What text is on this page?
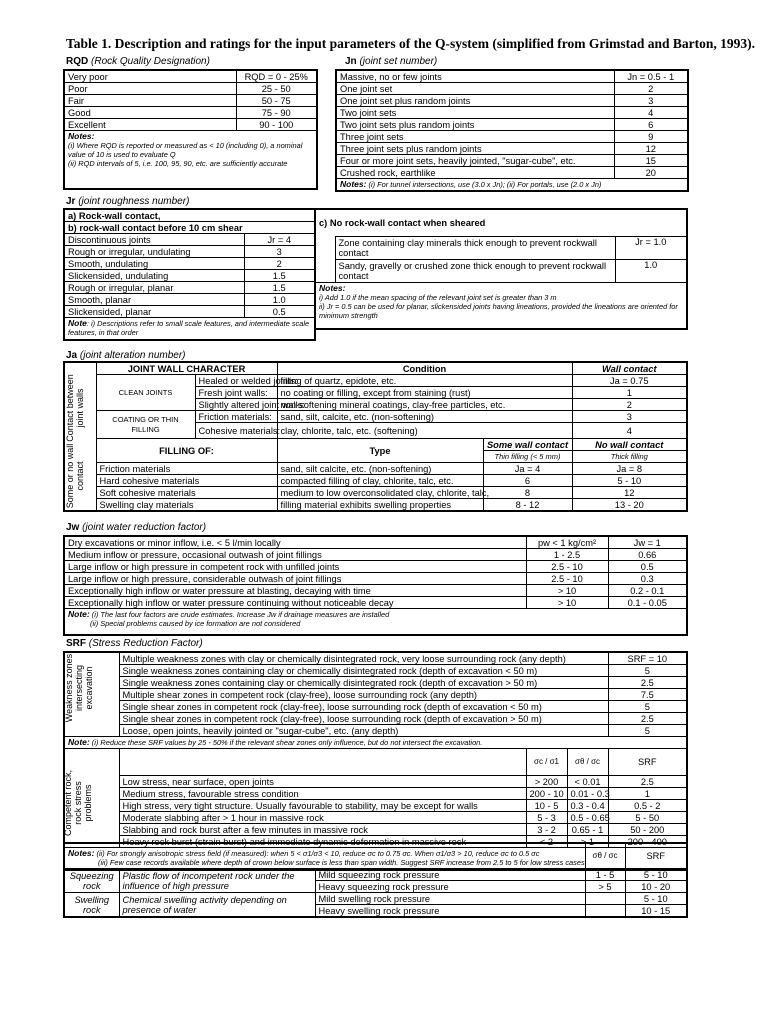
Table 1. Description and ratings for the input parameters of the Q-system (simplified from Grimstad and Barton, 1993).
RQD (Rock Quality Designation)
Very poor	RQD = 0 - 25%
Poor	25 - 50
Fair	50 - 75
Good	75 - 90
Excellent	90 - 100
Notes:
(i) Where RQD is reported or measured as < 10 (including 0), a nominal value of 10 is used to evaluate Q
(ii) RQD intervals of 5, i.e. 100, 95, 90, etc. are sufficiently accurate	
Jn (joint set number)
Massive, no or few joints	Jn = 0.5 - 1
One joint set	2
One joint set plus random joints	3
Two joint sets	4
Two joint sets plus random joints	6
Three joint sets	9
Three joint sets plus random joints	12
Four or more joint sets, heavily jointed, "sugar-cube", etc.	15
Crushed rock, earthlike	20
Notes: (i) For tunnel intersections, use (3.0 x Jn); (ii) For portals, use (2.0 x Jn)	
Jr (joint roughness number)
a) Rock-wall contact,	
b) rock-wall contact before 10 cm shear	
Discontinuous joints	Jr = 4
Rough or irregular, undulating	3
Smooth, undulating	2
Slickensided, undulating	1.5
Rough or irregular, planar	1.5
Smooth, planar	1.0
Slickensided, planar	0.5
Note: i) Descriptions refer to small scale features, and intermediate scale features, in that order	
c) No rock-wall contact when sheared		
	Zone containing clay minerals thick enough to prevent rockwall contact	Jr = 1.0
	Sandy, gravelly or crushed zone thick enough to prevent rockwall contact	1.0
Notes:
i) Add 1.0 if the mean spacing of the relevant joint set is greater than 3 m
ii) Jr = 0.5 can be used for planar, slickensided joints having lineations, provided the lineations are oriented for minimum strength		
Ja (joint alteration number)
	JOINT WALL CHARACTER		Condition		Wall contact
	CLEAN JOINTS	Healed or welded joints:	filling of quartz, epidote, etc.		Ja = 0.75
		Fresh joint walls:	no coating or filling, except from staining (rust)		1
		Slightly altered joint walls:	non-softening mineral coatings, clay-free particles, etc.		2
	COATING OR THIN FILLING	Friction materials:	sand, silt, calcite, etc. (non-softening)		3
		Cohesive materials:	clay, chlorite, talc, etc. (softening)		4
	FILLING OF:		Type	Some wall contact	No wall contact
				Thin filling (< 5 mm)	Thick filling
	Friction materials		sand, silt calcite, etc. (non-softening)	Ja = 4	Ja = 8
	Hard cohesive materials		compacted filling of clay, chlorite, talc, etc.	6	5 - 10
	Soft cohesive materials		medium to low overconsolidated clay, chlorite, talc,	8	12
	Swelling clay materials		filling material exhibits swelling properties	8 - 12	13 - 20
Contact between joint walls
Some or no wall contact
Jw (joint water reduction factor)
Dry excavations or minor inflow, i.e. < 5 l/min locally	pw < 1 kg/cm²	Jw = 1
Medium inflow or pressure, occasional outwash of joint fillings	1 - 2.5	0.66
Large inflow or high pressure in competent rock with unfilled joints	2.5 - 10	0.5
Large inflow or high pressure, considerable outwash of joint fillings	2.5 - 10	0.3
Exceptionally high inflow or water pressure at blasting, decaying with time	> 10	0.2 - 0.1
Exceptionally high inflow or water pressure continuing without noticeable decay	> 10	0.1 - 0.05
Note: (i) The last four factors are crude estimates. Increase Jw if drainage measures are installed
(ii) Special problems caused by ice formation are not considered		
SRF (Stress Reduction Factor)
	Multiple weakness zones with clay or chemically disintegrated rock, very loose surrounding rock (any depth)			SRF = 10
	Single weakness zones containing clay or chemically disintegrated rock (depth of excavation < 50 m)			5
	Single weakness zones containing clay or chemically disintegrated rock (depth of excavation > 50 m)			2.5
	Multiple shear zones in competent rock (clay-free), loose surrounding rock (any depth)			7.5
	Single shear zones in competent rock (clay-free), loose surrounding rock (depth of excavation < 50 m)			5
	Single shear zones in competent rock (clay-free), loose surrounding rock (depth of excavation > 50 m)			2.5
	Loose, open joints, heavily jointed or "sugar-cube", etc. (any depth)			5
Note: (i) Reduce these SRF values by 25 - 50% if the relevant shear zones only influence, but do not intersect the excavation.				
		σc / σ1	σθ / σc	SRF
	Low stress, near surface, open joints	> 200	< 0.01	2.5
	Medium stress, favourable stress condition	200 - 10	0.01 - 0.3	1
	High stress, very tight structure. Usually favourable to stability, may be except for walls	10 - 5	0.3 - 0.4	0.5 - 2
	Moderate slabbing after > 1 hour in massive rock	5 - 3	0.5 - 0.65	5 - 50
	Slabbing and rock burst after a few minutes in massive rock	3 - 2	0.65 - 1	50 - 200
	Heavy rock burst (strain burst) and immediate dynamic deformation in massive rock	< 2	> 1	200 - 400
Notes: (ii) For strongly anisotropic stress field (if measured): when 5 < σ1/σ3 < 10, reduce σc to 0.75 σc. When σ1/σ3 > 10, reduce σc to 0.5 σc
(iii) Few case records available where depth of crown below surface is less than span width. Suggest SRF increase from 2.5 to 5 for low stress cases				
Weakness zones intersecting excavation
Competent rock, rock stress problems
			σθ / σc	SRF
Squeezing rock	Plastic flow of incompetent rock under the influence of high pressure	Mild squeezing rock pressure	1 - 5	5 - 10
		Heavy squeezing rock pressure	> 5	10 - 20
Swelling rock	Chemical swelling activity depending on presence of water	Mild swelling rock pressure		5 - 10
		Heavy swelling rock pressure		10 - 15
